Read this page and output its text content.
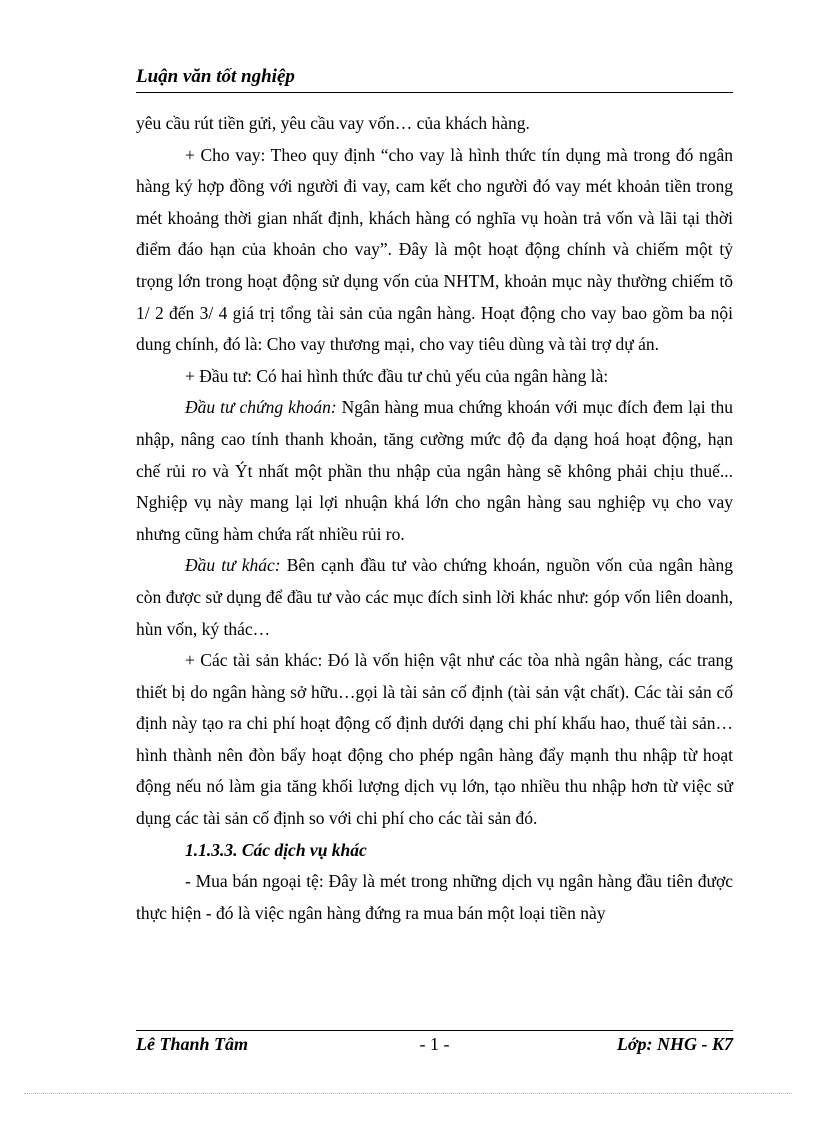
Luận văn tốt nghiệp

yêu cầu rút tiền gửi, yêu cầu vay vốn… của khách hàng.

+ Cho vay: Theo quy định “cho vay là hình thức tín dụng mà trong đó ngân hàng ký hợp đồng với người đi vay, cam kết cho người đó vay mét khoản tiền trong mét khoảng thời gian nhất định, khách hàng có nghĩa vụ hoàn trả vốn và lãi tại thời điểm đáo hạn của khoản cho vay”. Đây là một hoạt động chính và chiếm một tỷ trọng lớn trong hoạt động sử dụng vốn của NHTM, khoản mục này thường chiếm tõ 1/ 2 đến 3/ 4 giá trị tổng tài sản của ngân hàng. Hoạt động cho vay bao gồm ba nội dung chính, đó là: Cho vay thương mại, cho vay tiêu dùng và tài trợ dự án.

+ Đầu tư: Có hai hình thức đầu tư chủ yếu của ngân hàng là:

Đầu tư chứng khoán: Ngân hàng mua chứng khoán với mục đích đem lại thu nhập, nâng cao tính thanh khoản, tăng cường mức độ đa dạng hoá hoạt động, hạn chế rủi ro và Ýt nhất một phần thu nhập của ngân hàng sẽ không phải chịu thuế... Nghiệp vụ này mang lại lợi nhuận khá lớn cho ngân hàng sau nghiệp vụ cho vay nhưng cũng hàm chứa rất nhiều rủi ro.

Đầu tư khác: Bên cạnh đầu tư vào chứng khoán, nguồn vốn của ngân hàng còn được sử dụng để đầu tư vào các mục đích sinh lời khác như: góp vốn liên doanh, hùn vốn, ký thác…

+ Các tài sản khác: Đó là vốn hiện vật như các tòa nhà ngân hàng, các trang thiết bị do ngân hàng sở hữu…gọi là tài sản cố định (tài sản vật chất). Các tài sản cố định này tạo ra chi phí hoạt động cố định dưới dạng chi phí khấu hao, thuế tài sản… hình thành nên đòn bẩy hoạt động cho phép ngân hàng đẩy mạnh thu nhập từ hoạt động nếu nó làm gia tăng khối lượng dịch vụ lớn, tạo nhiều thu nhập hơn từ việc sử dụng các tài sản cố định so với chi phí cho các tài sản đó.

1.1.3.3. Các dịch vụ khác

- Mua bán ngoại tệ: Đây là mét trong những dịch vụ ngân hàng đầu tiên được thực hiện - đó là việc ngân hàng đứng ra mua bán một loại tiền này

Lê Thanh Tâm	- 1 -	Lớp: NHG - K7
